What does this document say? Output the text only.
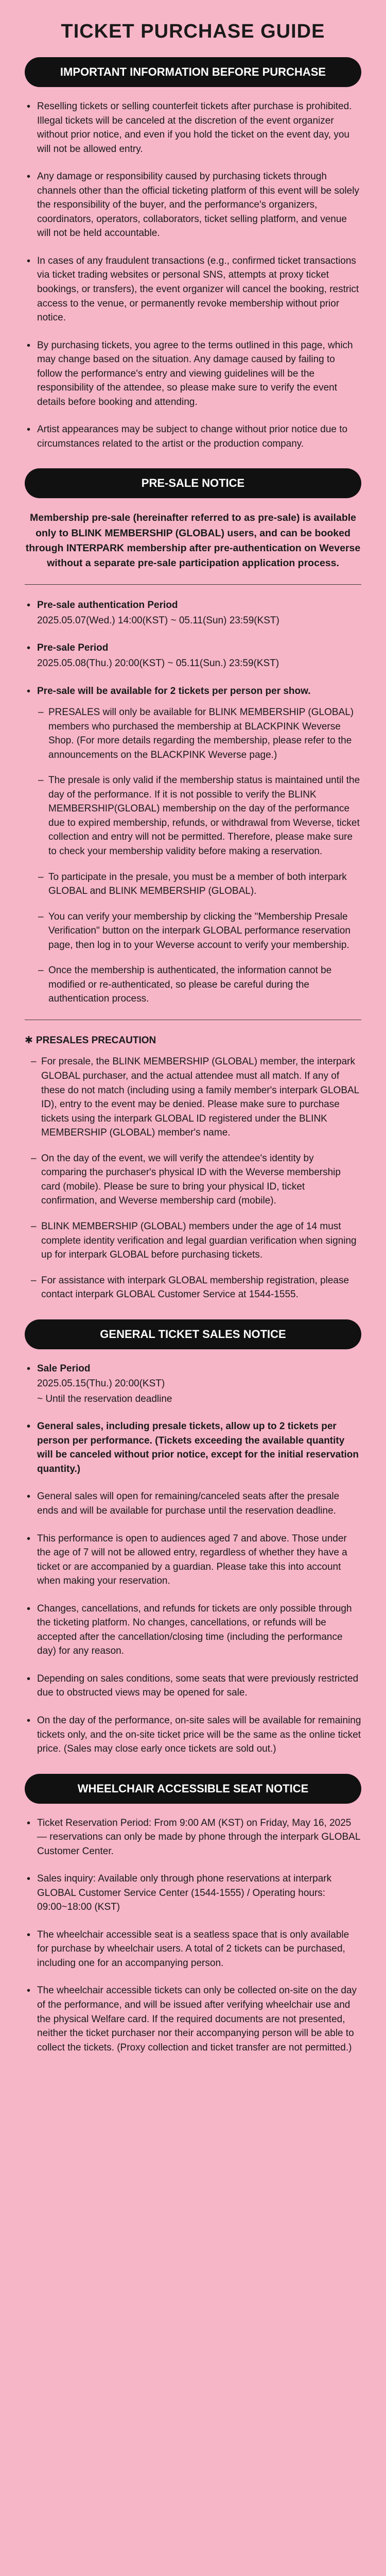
TICKET PURCHASE GUIDE
IMPORTANT INFORMATION BEFORE PURCHASE
• Reselling tickets or selling counterfeit tickets after purchase is prohibited. Illegal tickets will be canceled at the discretion of the event organizer without prior notice, and even if you hold the ticket on the event day, you will not be allowed entry.
• Any damage or responsibility caused by purchasing tickets through channels other than the official ticketing platform of this event will be solely the responsibility of the buyer, and the performance's organizers, coordinators, operators, collaborators, ticket selling platform, and venue will not be held accountable.
• In cases of any fraudulent transactions (e.g., confirmed ticket transactions via ticket trading websites or personal SNS, attempts at proxy ticket bookings, or transfers), the event organizer will cancel the booking, restrict access to the venue, or permanently revoke membership without prior notice.
• By purchasing tickets, you agree to the terms outlined in this page, which may change based on the situation. Any damage caused by failing to follow the performance's entry and viewing guidelines will be the responsibility of the attendee, so please make sure to verify the event details before booking and attending.
• Artist appearances may be subject to change without prior notice due to circumstances related to the artist or the production company.
PRE-SALE NOTICE

Membership pre-sale (hereinafter referred to as pre-sale) is available only to BLINK MEMBERSHIP (GLOBAL) users, and can be booked through INTERPARK membership after pre-authentication on Weverse without a separate pre-sale participation application process.

• Pre-sale authentication Period
2025.05.07(Wed.) 14:00(KST) ~ 05.11(Sun) 23:59(KST)
• Pre-sale Period
2025.05.08(Thu.) 20:00(KST) ~ 05.11(Sun.) 23:59(KST)
• Pre-sale will be available for 2 tickets per person per show.
– PRESALES will only be available for BLINK MEMBERSHIP (GLOBAL) members who purchased the membership at BLACKPINK Weverse Shop. (For more details regarding the membership, please refer to the announcements on the BLACKPINK Weverse page.)
– The presale is only valid if the membership status is maintained until the day of the performance. If it is not possible to verify the BLINK MEMBERSHIP(GLOBAL) membership on the day of the performance due to expired membership, refunds, or withdrawal from Weverse, ticket collection and entry will not be permitted. Therefore, please make sure to check your membership validity before making a reservation.
– To participate in the presale, you must be a member of both interpark GLOBAL and BLINK MEMBERSHIP (GLOBAL).
– You can verify your membership by clicking the "Membership Presale Verification" button on the interpark GLOBAL performance reservation page, then log in to your Weverse account to verify your membership.
– Once the membership is authenticated, the information cannot be modified or re-authenticated, so please be careful during the authentication process.
✱ PRESALES PRECAUTION
– For presale, the BLINK MEMBERSHIP (GLOBAL) member, the interpark GLOBAL purchaser, and the actual attendee must all match. If any of these do not match (including using a family member's interpark GLOBAL ID), entry to the event may be denied. Please make sure to purchase tickets using the interpark GLOBAL ID registered under the BLINK MEMBERSHIP (GLOBAL) member's name.
– On the day of the event, we will verify the attendee's identity by comparing the purchaser's physical ID with the Weverse membership card (mobile). Please be sure to bring your physical ID, ticket confirmation, and Weverse membership card (mobile).
– BLINK MEMBERSHIP (GLOBAL) members under the age of 14 must complete identity verification and legal guardian verification when signing up for interpark GLOBAL before purchasing tickets.
– For assistance with interpark GLOBAL membership registration, please contact interpark GLOBAL Customer Service at 1544-1555.
GENERAL TICKET SALES NOTICE
• Sale Period
2025.05.15(Thu.) 20:00(KST)
~ Until the reservation deadline
• General sales, including presale tickets, allow up to 2 tickets per person per performance. (Tickets exceeding the available quantity will be canceled without prior notice, except for the initial reservation quantity.)
• General sales will open for remaining/canceled seats after the presale ends and will be available for purchase until the reservation deadline.
• This performance is open to audiences aged 7 and above. Those under the age of 7 will not be allowed entry, regardless of whether they have a ticket or are accompanied by a guardian. Please take this into account when making your reservation.
• Changes, cancellations, and refunds for tickets are only possible through the ticketing platform. No changes, cancellations, or refunds will be accepted after the cancellation/closing time (including the performance day) for any reason.
• Depending on sales conditions, some seats that were previously restricted due to obstructed views may be opened for sale.
• On the day of the performance, on-site sales will be available for remaining tickets only, and the on-site ticket price will be the same as the online ticket price. (Sales may close early once tickets are sold out.)
WHEELCHAIR ACCESSIBLE SEAT NOTICE
• Ticket Reservation Period: From 9:00 AM (KST) on Friday, May 16, 2025 — reservations can only be made by phone through the interpark GLOBAL Customer Center.
• Sales inquiry: Available only through phone reservations at interpark GLOBAL Customer Service Center (1544-1555) / Operating hours: 09:00~18:00 (KST)
• The wheelchair accessible seat is a seatless space that is only available for purchase by wheelchair users. A total of 2 tickets can be purchased, including one for an accompanying person.
• The wheelchair accessible tickets can only be collected on-site on the day of the performance, and will be issued after verifying wheelchair use and the physical Welfare card. If the required documents are not presented, neither the ticket purchaser nor their accompanying person will be able to collect the tickets. (Proxy collection and ticket transfer are not permitted.)
